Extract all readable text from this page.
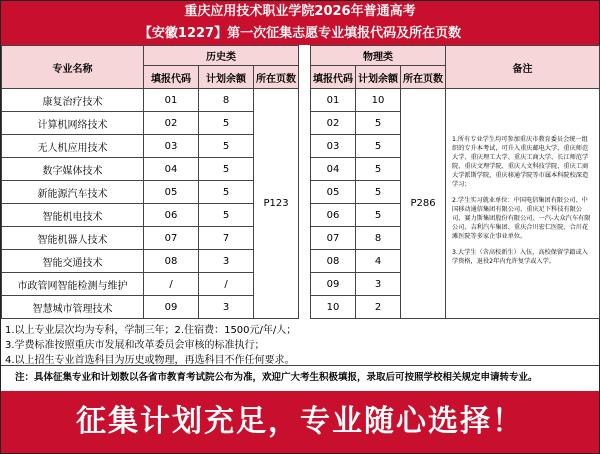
重庆应用技术职业学院2026年普通高考
【安徽1227】第一次征集志愿专业填报代码及所在页数
专业名称	历史类				物理类			备注
	填报代码	计划余额	所在页数		填报代码	计划余额	所在页数	
康复治疗技术	01	8	P123		01	10	P286	1.所有专业学生均可参加重庆市教育委员会统一组织的专升本考试，可升入重庆邮电大学、重庆师范大学、重庆理工大学、重庆工商大学、长江师范学院、重庆文理学院、重庆人文科技学院、重庆工商大学派斯学院、重庆移通学院等市属本科院校深造学习；

2.学生实习就业单位：中国电信集团有限公司、中国移动通信集团有限公司、重庆足下科技有限公司、赛力斯集团股份有限公司、一汽-大众汽车有限公司、吉利汽车集团、重庆合川宏仁医院、合川花滩医院等多家企事业单位。

3.大学生（含高校新生）入伍，高校保留学籍或入学资格，退役2年内允许复学或入学。

计算机网络技术	02	5			02	5		
无人机应用技术	03	5			03	5		
数字媒体技术	04	5			04	5		
新能源汽车技术	05	5			05	5		
智能机电技术	06	5			06	5		
智能机器人技术	07	7			07	8		
智能交通技术	08	3			08	4		
市政管网智能检测与维护	/	/			09	3		
智慧城市管理技术	09	3			10	2		
1.以上专业层次均为专科，学制三年；2.住宿费：1500元/年/人；
3.学费标准按照重庆市发展和改革委员会审核的标准执行；
4.以上招生专业首选科目为历史或物理，再选科目不作任何要求。
注：具体征集专业和计划数以各省市教育考试院公布为准，欢迎广大考生积极填报，录取后可按照学校相关规定申请转专业。
征集计划充足，专业随心选择！
